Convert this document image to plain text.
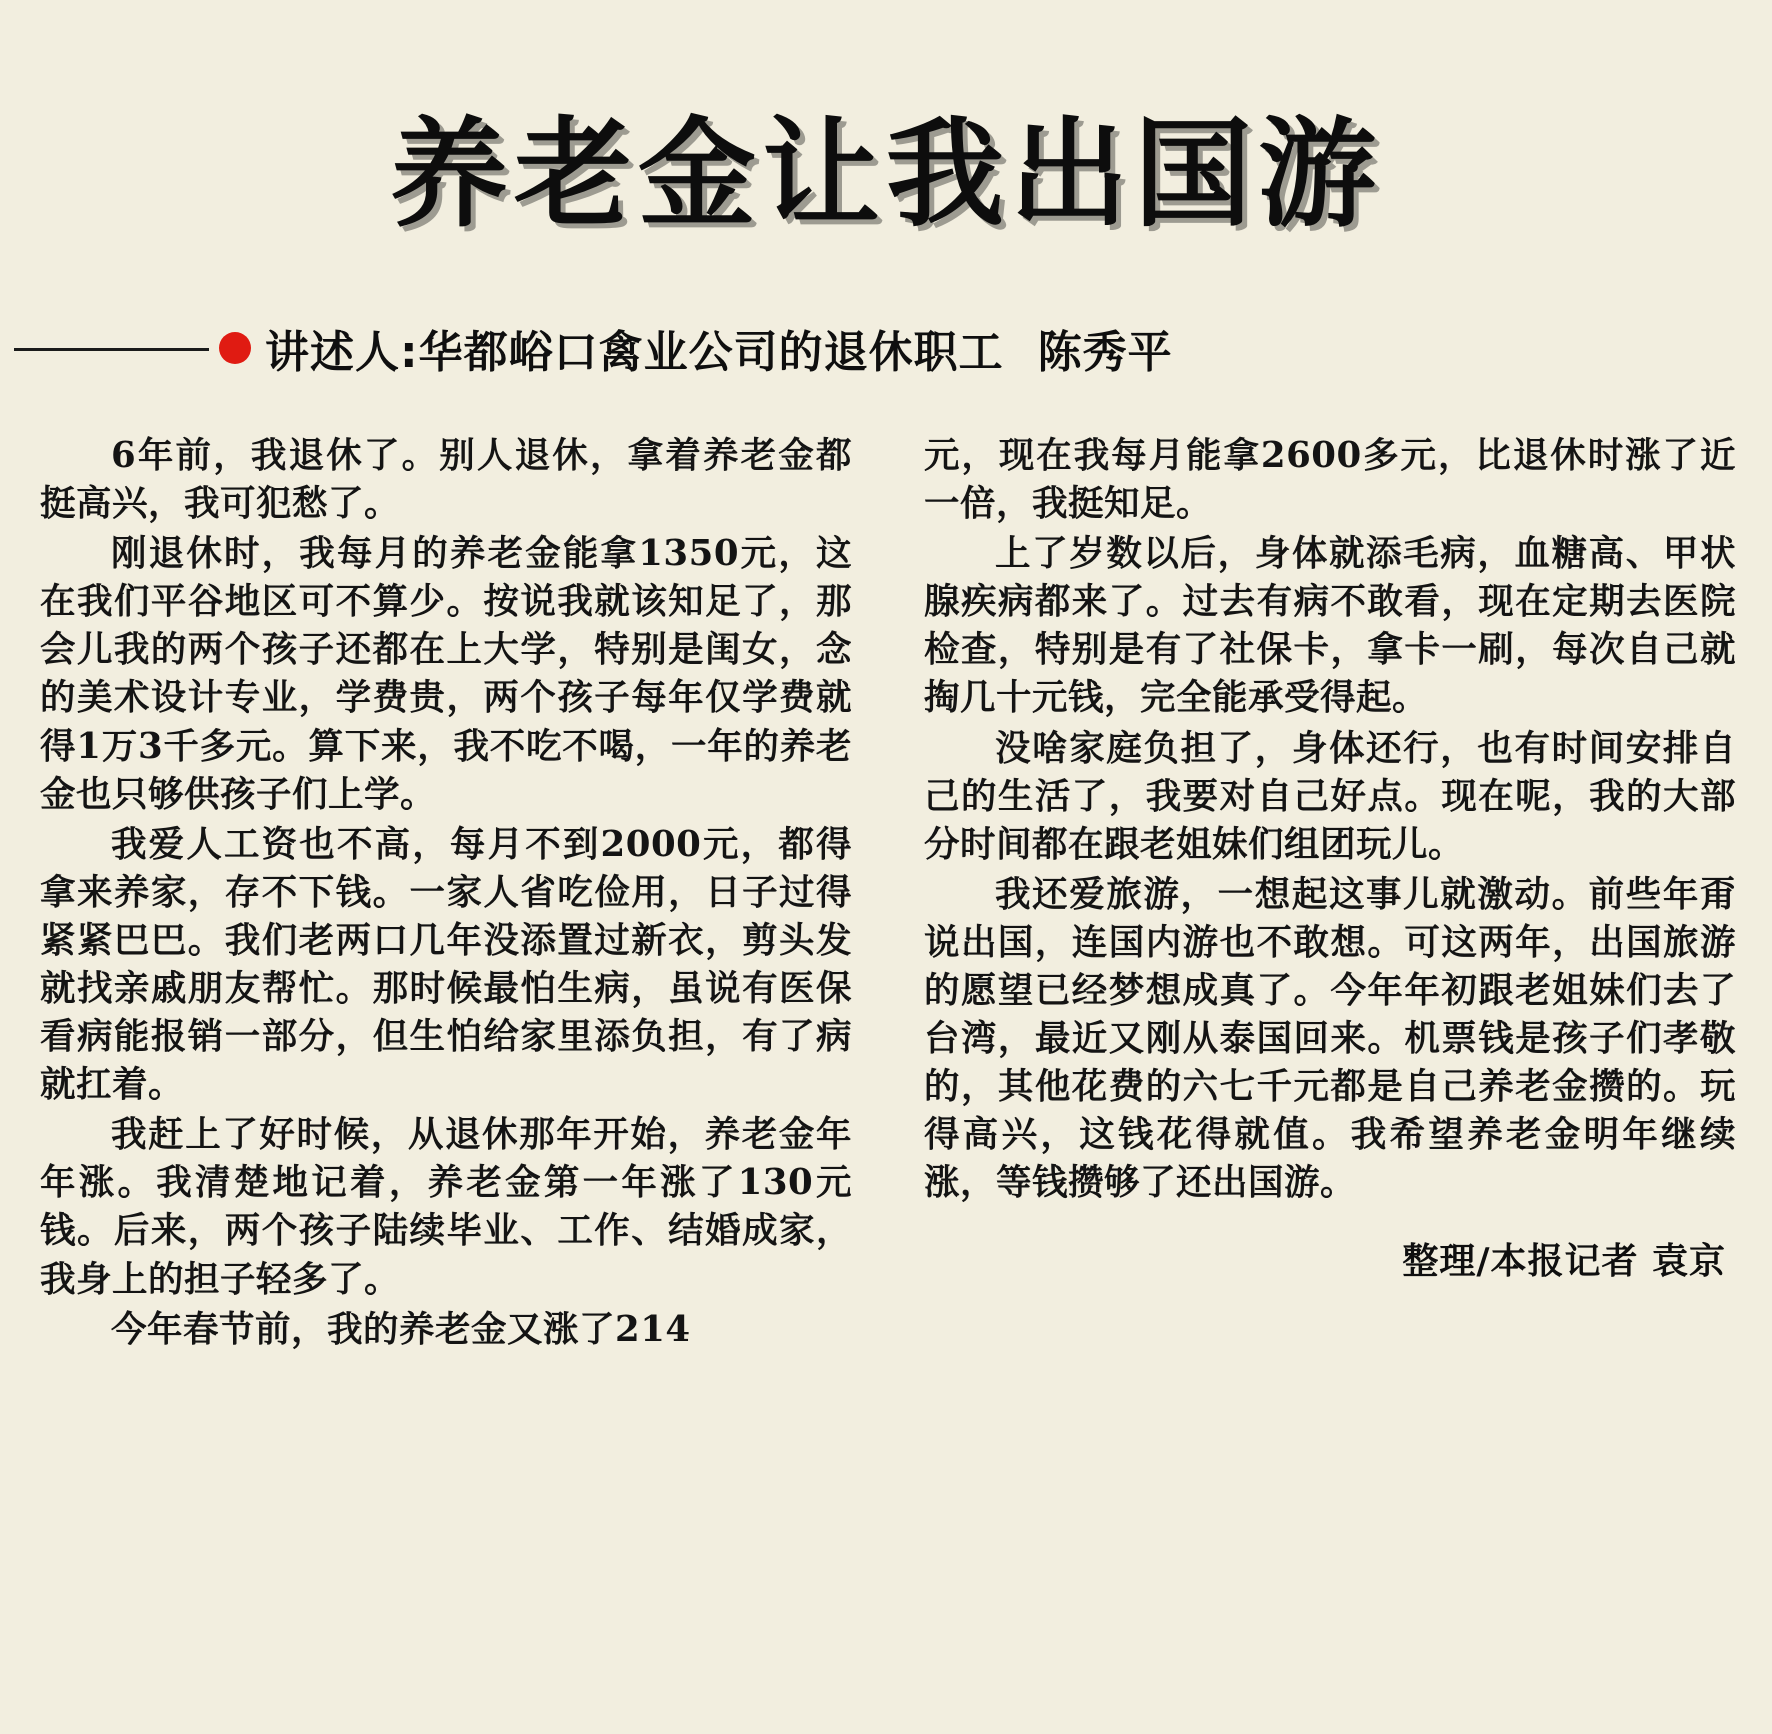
养老金让我出国游
讲述人:华都峪口禽业公司的退休职工 陈秀平

6年前，我退休了。别人退休，拿着养老金都挺高兴，我可犯愁了。

刚退休时，我每月的养老金能拿1350元，这在我们平谷地区可不算少。按说我就该知足了，那会儿我的两个孩子还都在上大学，特别是闺女，念的美术设计专业，学费贵，两个孩子每年仅学费就得1万3千多元。算下来，我不吃不喝，一年的养老金也只够供孩子们上学。

我爱人工资也不高，每月不到2000元，都得拿来养家，存不下钱。一家人省吃俭用，日子过得紧紧巴巴。我们老两口几年没添置过新衣，剪头发就找亲戚朋友帮忙。那时候最怕生病，虽说有医保看病能报销一部分，但生怕给家里添负担，有了病就扛着。

我赶上了好时候，从退休那年开始，养老金年年涨。我清楚地记着，养老金第一年涨了130元钱。后来，两个孩子陆续毕业、工作、结婚成家，我身上的担子轻多了。

今年春节前，我的养老金又涨了214

元，现在我每月能拿2600多元，比退休时涨了近一倍，我挺知足。

上了岁数以后，身体就添毛病，血糖高、甲状腺疾病都来了。过去有病不敢看，现在定期去医院检查，特别是有了社保卡，拿卡一刷，每次自己就掏几十元钱，完全能承受得起。

没啥家庭负担了，身体还行，也有时间安排自己的生活了，我要对自己好点。现在呢，我的大部分时间都在跟老姐妹们组团玩儿。

我还爱旅游，一想起这事儿就激动。前些年甭说出国，连国内游也不敢想。可这两年，出国旅游的愿望已经梦想成真了。今年年初跟老姐妹们去了台湾，最近又刚从泰国回来。机票钱是孩子们孝敬的，其他花费的六七千元都是自己养老金攒的。玩得高兴，这钱花得就值。我希望养老金明年继续涨，等钱攒够了还出国游。

整理/本报记者 袁京
